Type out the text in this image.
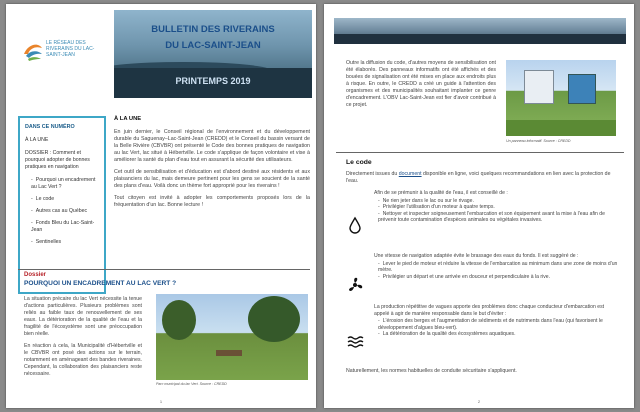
LE RÉSEAU DES RIVERAINS DU LAC-SAINT-JEAN
BULLETIN DES RIVERAINS
DU LAC-SAINT-JEAN
PRINTEMPS 2019
DANS CE NUMÉRO
À LA UNE
DOSSIER : Comment et pourquoi adopter de bonnes pratiques en navigation
- Pourquoi un encadrement au Lac Vert ?
- Le code
- Autres cas au Québec
- Fonds Bleu du Lac-Saint-Jean
- Sentinelles
À LA UNE

En juin dernier, le Conseil régional de l'environnement et du développement durable du Saguenay–Lac-Saint-Jean (CREDD) et le Conseil du bassin versant de la Belle Rivière (CBVBR) ont présenté le Code des bonnes pratiques de navigation au lac Vert, lac situé à Hébertville. Le code s'applique de façon volontaire et vise à améliorer la santé du plan d'eau tout en assurant la sécurité des utilisateurs.

Cet outil de sensibilisation et d'éducation est d'abord destiné aux résidents et aux plaisanciers du lac, mais demeure pertinent pour les gens se soucient de la santé des plans d'eau. Voilà donc un thème fort approprié pour les riverains !

Tout citoyen est invité à adopter les comportements proposés lors de la fréquentation d'un lac. Bonne lecture !

Dossier
POURQUOI UN ENCADREMENT AU LAC VERT ?

La situation précaire du lac Vert nécessite la tenue d'actions particulières. Plusieurs problèmes sont reliés au faible taux de renouvellement de ses eaux. La détérioration de la qualité de l'eau et la fragilité de l'écosystème sont une préoccupation bien réelle.

En réaction à cela, la Municipalité d'Hébertville et le CBVBR ont posé des actions sur le terrain, notamment en aménageant des bandes riveraines. Cependant, la collaboration des plaisanciers reste nécessaire.

Parc municipal du lac Vert. Source : CREDD
1
Outre la diffusion du code, d'autres moyens de sensibilisation ont été élaborés. Des panneaux informatifs ont été affichés et des bouées de signalisation ont été mises en place aux endroits plus à risque. En outre, le CREDD a créé un guide à l'attention des organismes et des municipalités souhaitant implanter ce genre d'encadrement. L'OBV Lac-Saint-Jean est fier d'avoir contribué à ce projet.
Un panneau informatif. Source : CREDD
Le code
Directement issues du document disponible en ligne, voici quelques recommandations en lien avec la protection de l'eau.
Afin de se prémunir à la qualité de l'eau, il est conseillé de :
- Ne rien jeter dans le lac ou sur le rivage.
- Privilégier l'utilisation d'un moteur à quatre temps.
- Nettoyer et inspecter soigneusement l'embarcation et son équipement avant la mise à l'eau afin de prévenir toute contamination d'espèces animales ou végétales invasives.
Une vitesse de navigation adaptée évite le brassage des eaux du fonds. Il est suggéré de :
- Lever le pied de moteur et réduire la vitesse de l'embarcation au minimum dans une zone de moins d'un mètre.
- Privilégier un départ et une arrivée en douceur et perpendiculaire à la rive.
La production répétitive de vagues apporte des problèmes donc chaque conducteur d'embarcation est appelé à agir de manière responsable dans le but d'éviter :
- L'érosion des berges et l'augmentation de sédiments et de nutriments dans l'eau (qui favorisent le développement d'algues bleu-vert).
- La détérioration de la qualité des écosystèmes aquatiques.
Naturellement, les normes habituelles de conduite sécuritaire s'appliquent.
2
